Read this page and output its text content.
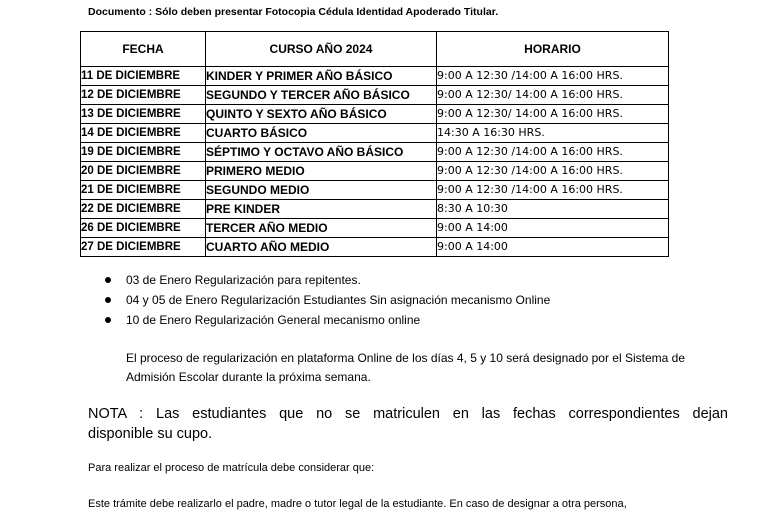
Documento : Sólo deben presentar Fotocopia Cédula Identidad Apoderado Titular.
FECHA	CURSO AÑO 2024	HORARIO
11 DE DICIEMBRE	KINDER Y PRIMER AÑO BÁSICO	9:00 A 12:30 /14:00 A 16:00 HRS.
12 DE DICIEMBRE	SEGUNDO Y TERCER AÑO BÁSICO	9:00 A 12:30/ 14:00 A 16:00 HRS.
13 DE DICIEMBRE	QUINTO Y SEXTO AÑO BÁSICO	9:00 A 12:30/ 14:00 A 16:00 HRS.
14 DE DICIEMBRE	CUARTO BÁSICO	14:30 A 16:30 HRS.
19 DE DICIEMBRE	SÉPTIMO Y OCTAVO AÑO BÁSICO	9:00 A 12:30 /14:00 A 16:00 HRS.
20 DE DICIEMBRE	PRIMERO MEDIO	9:00 A 12:30 /14:00 A 16:00 HRS.
21 DE DICIEMBRE	SEGUNDO MEDIO	9:00 A 12:30 /14:00 A 16:00 HRS.
22 DE DICIEMBRE	PRE KINDER	8:30 A 10:30
26 DE DICIEMBRE	TERCER AÑO MEDIO	9:00 A 14:00
27 DE DICIEMBRE	CUARTO AÑO MEDIO	9:00 A 14:00
03 de Enero Regularización para repitentes.
04 y 05 de Enero Regularización Estudiantes Sin asignación mecanismo Online
10 de Enero Regularización General mecanismo online
El proceso de regularización en plataforma Online de los días 4, 5 y 10 será designado por el Sistema de Admisión Escolar durante la próxima semana.
NOTA : Las estudiantes que no se matriculen en las fechas correspondientes dejan
disponible su cupo.
Para realizar el proceso de matrícula debe considerar que:
Este trámite debe realizarlo el padre, madre o tutor legal de la estudiante. En caso de designar a otra persona,
